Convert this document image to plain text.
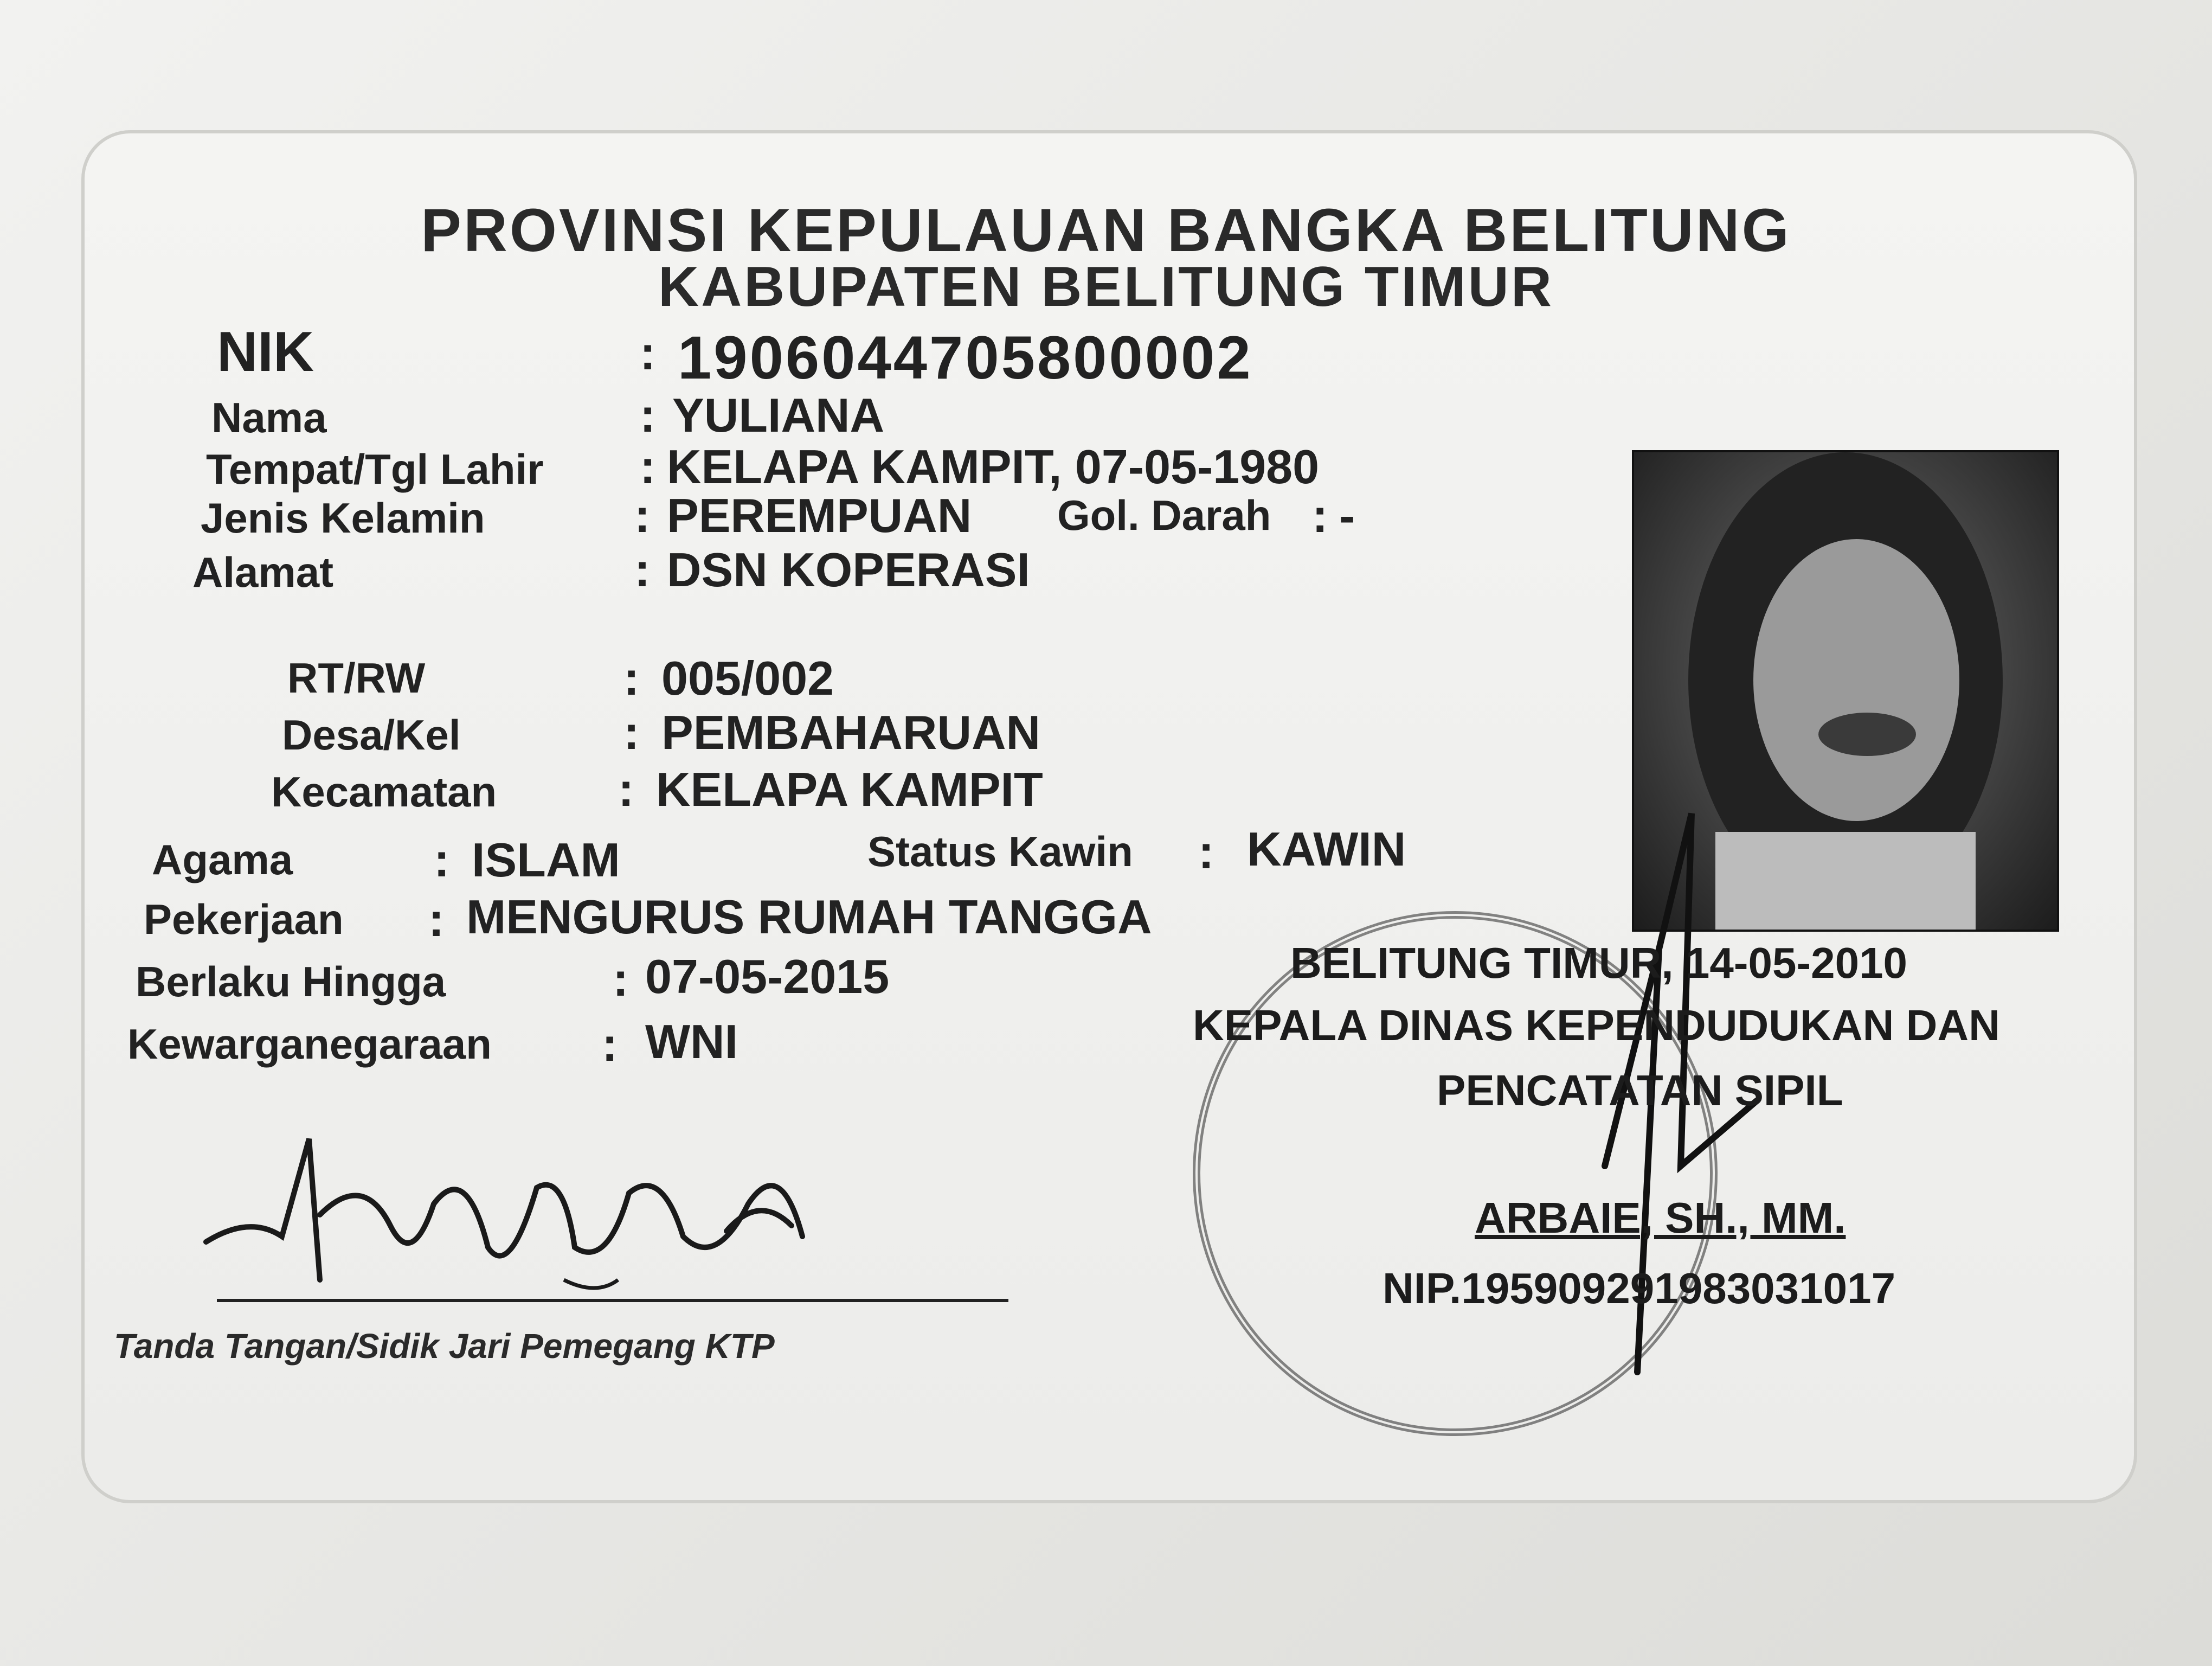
PROVINSI KEPULAUAN BANGKA BELITUNG
KABUPATEN BELITUNG TIMUR
NIK	: 1906044705800002
Nama	: YULIANA
Tempat/Tgl Lahir : KELAPA KAMPIT, 07-05-1980
Jenis Kelamin	: PEREMPUAN Gol. Darah : -
Alamat	: DSN KOPERASI
RT/RW	: 005/002
Desa/Kel	: PEMBAHARUAN
Kecamatan	: KELAPA KAMPIT
Agama	: ISLAM	Status Kawin : KAWIN
Pekerjaan : MENGURUS RUMAH TANGGA
Berlaku Hingga	: 07-05-2015
Kewarganegaraan : WNI
Tanda Tangan/Sidik Jari Pemegang KTP
BELITUNG TIMUR, 14-05-2010
KEPALA DINAS KEPENDUDUKAN DAN
PENCATATAN SIPIL
ARBAIE, SH., MM.
NIP.195909291983031017
